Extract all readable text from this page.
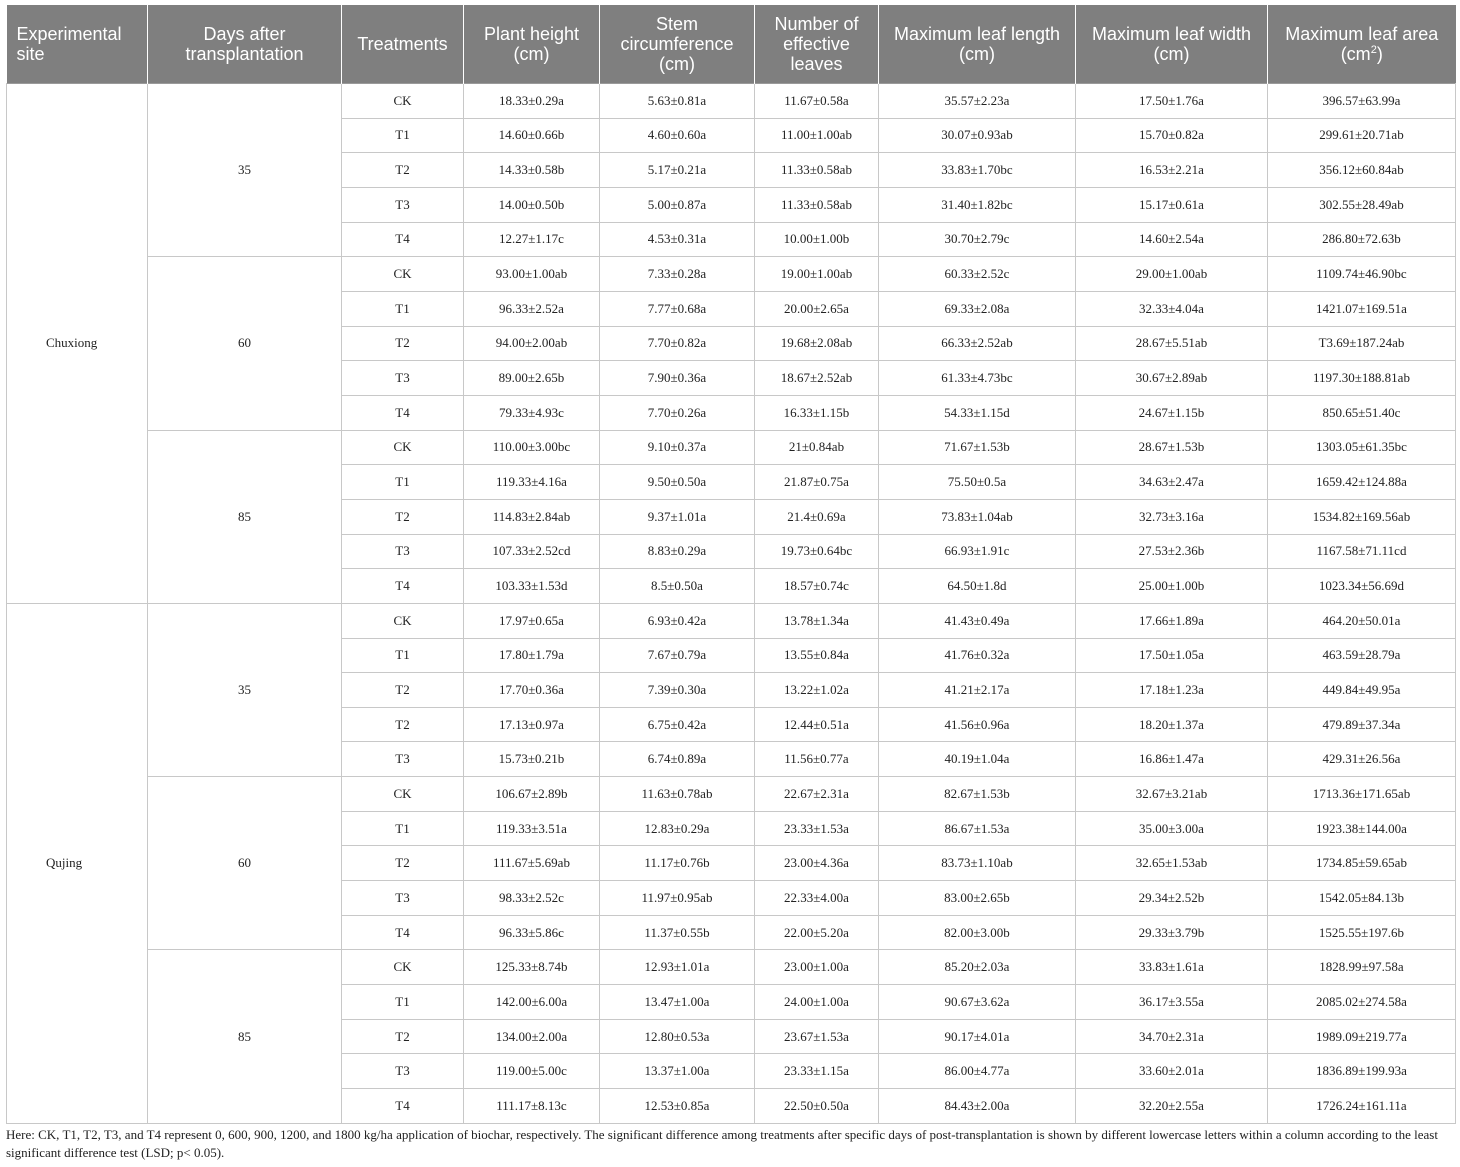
Experimental site	Days after transplantation	Treatments	Plant height (cm)	Stem circumference (cm)	Number of effective leaves	Maximum leaf length (cm)	Maximum leaf width (cm)	Maximum leaf area $(cm^2)$
Chuxiong	35	CK	18.33±0.29a	5.63±0.81a	11.67±0.58a	35.57±2.23a	17.50±1.76a	396.57±63.99a
		T1	14.60±0.66b	4.60±0.60a	11.00±1.00ab	30.07±0.93ab	15.70±0.82a	299.61±20.71ab
		T2	14.33±0.58b	5.17±0.21a	11.33±0.58ab	33.83±1.70bc	16.53±2.21a	356.12±60.84ab
		T3	14.00±0.50b	5.00±0.87a	11.33±0.58ab	31.40±1.82bc	15.17±0.61a	302.55±28.49ab
		T4	12.27±1.17c	4.53±0.31a	10.00±1.00b	30.70±2.79c	14.60±2.54a	286.80±72.63b
	60	CK	93.00±1.00ab	7.33±0.28a	19.00±1.00ab	60.33±2.52c	29.00±1.00ab	1109.74±46.90bc
		T1	96.33±2.52a	7.77±0.68a	20.00±2.65a	69.33±2.08a	32.33±4.04a	1421.07±169.51a
		T2	94.00±2.00ab	7.70±0.82a	19.68±2.08ab	66.33±2.52ab	28.67±5.51ab	T3.69±187.24ab
		T3	89.00±2.65b	7.90±0.36a	18.67±2.52ab	61.33±4.73bc	30.67±2.89ab	1197.30±188.81ab
		T4	79.33±4.93c	7.70±0.26a	16.33±1.15b	54.33±1.15d	24.67±1.15b	850.65±51.40c
	85	CK	110.00±3.00bc	9.10±0.37a	21±0.84ab	71.67±1.53b	28.67±1.53b	1303.05±61.35bc
		T1	119.33±4.16a	9.50±0.50a	21.87±0.75a	75.50±0.5a	34.63±2.47a	1659.42±124.88a
		T2	114.83±2.84ab	9.37±1.01a	21.4±0.69a	73.83±1.04ab	32.73±3.16a	1534.82±169.56ab
		T3	107.33±2.52cd	8.83±0.29a	19.73±0.64bc	66.93±1.91c	27.53±2.36b	1167.58±71.11cd
		T4	103.33±1.53d	8.5±0.50a	18.57±0.74c	64.50±1.8d	25.00±1.00b	1023.34±56.69d
Qujing	35	CK	17.97±0.65a	6.93±0.42a	13.78±1.34a	41.43±0.49a	17.66±1.89a	464.20±50.01a
		T1	17.80±1.79a	7.67±0.79a	13.55±0.84a	41.76±0.32a	17.50±1.05a	463.59±28.79a
		T2	17.70±0.36a	7.39±0.30a	13.22±1.02a	41.21±2.17a	17.18±1.23a	449.84±49.95a
		T2	17.13±0.97a	6.75±0.42a	12.44±0.51a	41.56±0.96a	18.20±1.37a	479.89±37.34a
		T3	15.73±0.21b	6.74±0.89a	11.56±0.77a	40.19±1.04a	16.86±1.47a	429.31±26.56a
	60	CK	106.67±2.89b	11.63±0.78ab	22.67±2.31a	82.67±1.53b	32.67±3.21ab	1713.36±171.65ab
		T1	119.33±3.51a	12.83±0.29a	23.33±1.53a	86.67±1.53a	35.00±3.00a	1923.38±144.00a
		T2	111.67±5.69ab	11.17±0.76b	23.00±4.36a	83.73±1.10ab	32.65±1.53ab	1734.85±59.65ab
		T3	98.33±2.52c	11.97±0.95ab	22.33±4.00a	83.00±2.65b	29.34±2.52b	1542.05±84.13b
		T4	96.33±5.86c	11.37±0.55b	22.00±5.20a	82.00±3.00b	29.33±3.79b	1525.55±197.6b
	85	CK	125.33±8.74b	12.93±1.01a	23.00±1.00a	85.20±2.03a	33.83±1.61a	1828.99±97.58a
		T1	142.00±6.00a	13.47±1.00a	24.00±1.00a	90.67±3.62a	36.17±3.55a	2085.02±274.58a
		T2	134.00±2.00a	12.80±0.53a	23.67±1.53a	90.17±4.01a	34.70±2.31a	1989.09±219.77a
		T3	119.00±5.00c	13.37±1.00a	23.33±1.15a	86.00±4.77a	33.60±2.01a	1836.89±199.93a
		T4	111.17±8.13c	12.53±0.85a	22.50±0.50a	84.43±2.00a	32.20±2.55a	1726.24±161.11a
Here: CK, T1, T2, T3, and T4 represent 0, 600, 900, 1200, and 1800 kg/ha application of biochar, respectively. The significant difference among treatments after specific days of post-transplantation is shown by different lowercase letters within a column according to the least significant difference test (LSD; p< 0.05).
